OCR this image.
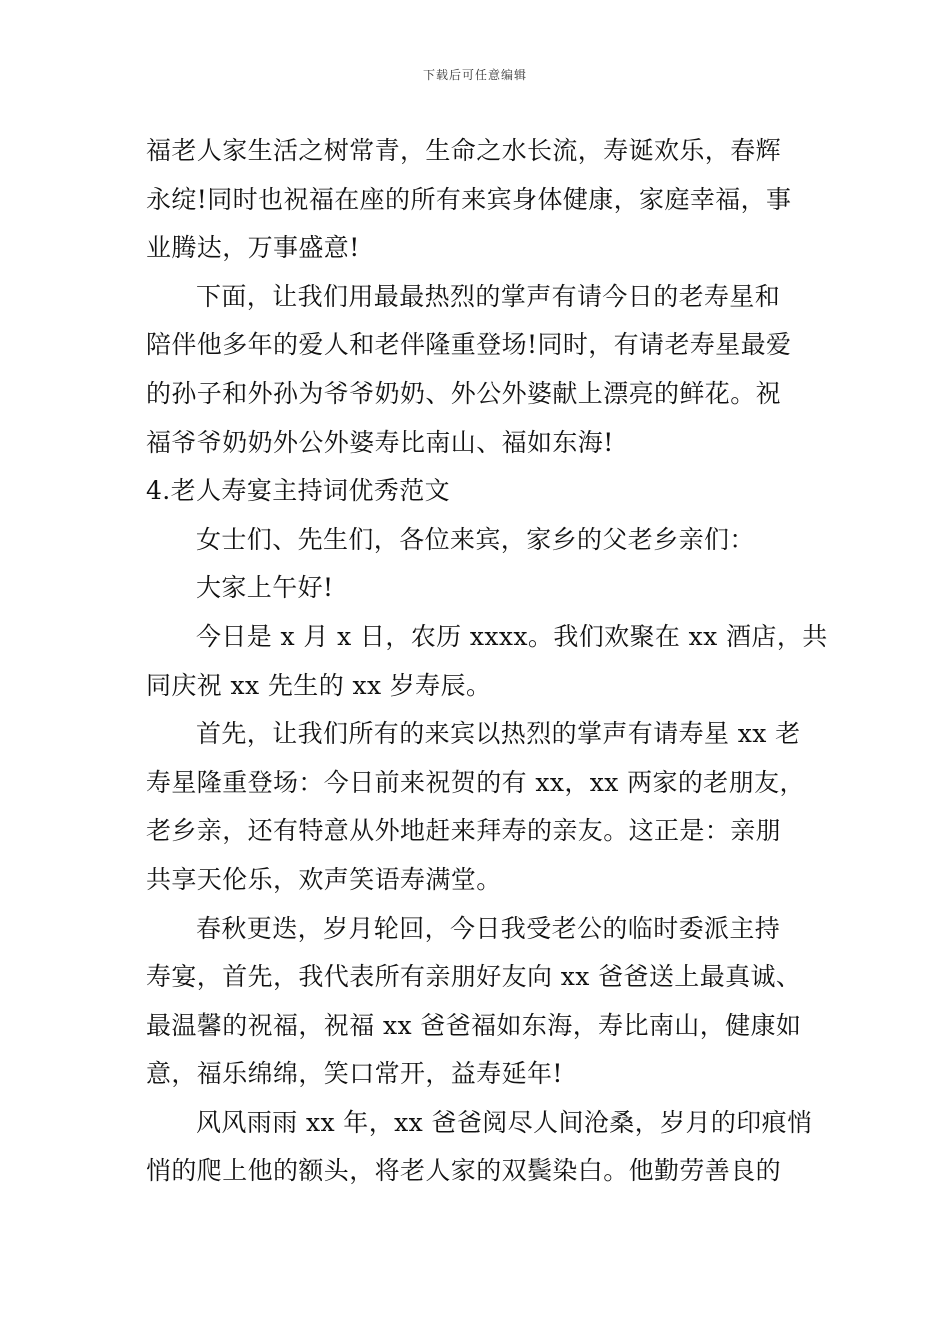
下载后可任意编辑
福老人家生活之树常青，生命之水长流，寿诞欢乐，春辉
永绽!同时也祝福在座的所有来宾身体健康，家庭幸福，事
业腾达，万事盛意!
下面，让我们用最最热烈的掌声有请今日的老寿星和
陪伴他多年的爱人和老伴隆重登场!同时，有请老寿星最爱
的孙子和外孙为爷爷奶奶、外公外婆献上漂亮的鲜花。祝
福爷爷奶奶外公外婆寿比南山、福如东海!
4.老人寿宴主持词优秀范文
女士们、先生们，各位来宾，家乡的父老乡亲们：
大家上午好!
今日是 x 月 x 日，农历 xxxx。我们欢聚在 xx 酒店，共
同庆祝 xx 先生的 xx 岁寿辰。
首先，让我们所有的来宾以热烈的掌声有请寿星 xx 老
寿星隆重登场：今日前来祝贺的有 xx，xx 两家的老朋友，
老乡亲，还有特意从外地赶来拜寿的亲友。这正是：亲朋
共享天伦乐，欢声笑语寿满堂。
春秋更迭，岁月轮回，今日我受老公的临时委派主持
寿宴，首先，我代表所有亲朋好友向 xx 爸爸送上最真诚、
最温馨的祝福，祝福 xx 爸爸福如东海，寿比南山，健康如
意，福乐绵绵，笑口常开，益寿延年!
风风雨雨 xx 年，xx 爸爸阅尽人间沧桑，岁月的印痕悄
悄的爬上他的额头，将老人家的双鬓染白。他勤劳善良的
